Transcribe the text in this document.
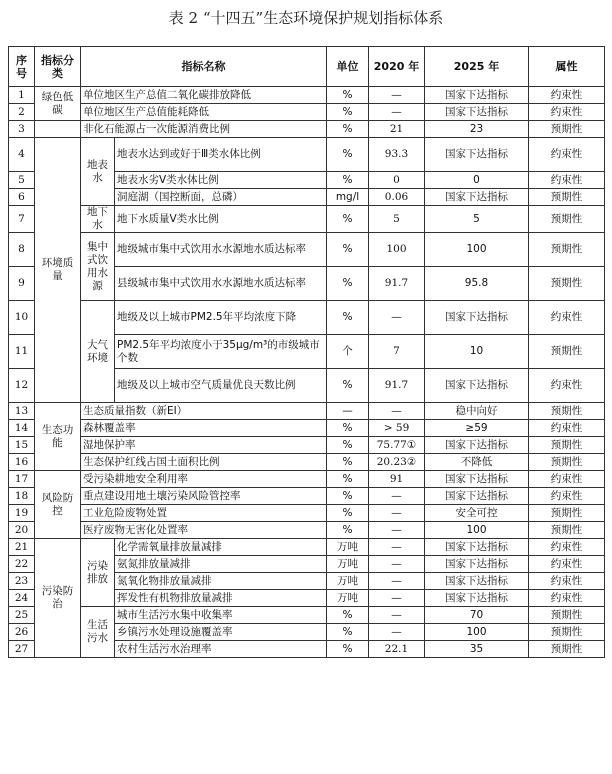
表 2 “十四五”生态环境保护规划指标体系
序号	指标分类	指标名称		单位	2020 年	2025 年	属性
1	绿色低碳	单位地区生产总值二氧化碳排放降低		%	—	国家下达指标	约束性
2		单位地区生产总值能耗降低		%	—	国家下达指标	约束性
3		非化石能源占一次能源消费比例		%	21	23	预期性
4	环境质量	地表水	地表水达到或好于Ⅲ类水体比例	%	93.3	国家下达指标	约束性
5			地表水劣Ⅴ类水体比例	%	0	0	约束性
6			洞庭湖（国控断面，总磷）	mg/l	0.06	国家下达指标	预期性
7		地下水	地下水质量Ⅴ类水比例	%	5	5	预期性
8		集中式饮用水源	地级城市集中式饮用水水源地水质达标率	%	100	100	预期性
9			县级城市集中式饮用水水源地水质达标率	%	91.7	95.8	预期性
10		大气环境	地级及以上城市PM2.5年平均浓度下降	%	—	国家下达指标	约束性
11			PM2.5年平均浓度小于35μg/m³的市级城市个数	个	7	10	预期性
12			地级及以上城市空气质量优良天数比例	%	91.7	国家下达指标	约束性
13	生态功能	生态质量指数（新EI）		—	—	稳中向好	预期性
14		森林覆盖率		%	> 59	≥59	约束性
15		湿地保护率		%	75.77①	国家下达指标	预期性
16		生态保护红线占国土面积比例		%	20.23②	不降低	预期性
17	风险防控	受污染耕地安全利用率		%	91	国家下达指标	约束性
18		重点建设用地土壤污染风险管控率		%	—	国家下达指标	约束性
19		工业危险废物处置		%	—	安全可控	预期性
20		医疗废物无害化处置率		%	—	100	预期性
21	污染防治	污染排放	化学需氧量排放量减排	万吨	—	国家下达指标	约束性
22			氨氮排放量减排	万吨	—	国家下达指标	约束性
23			氮氧化物排放量减排	万吨	—	国家下达指标	约束性
24			挥发性有机物排放量减排	万吨	—	国家下达指标	约束性
25		生活污水	城市生活污水集中收集率	%	—	70	预期性
26			乡镇污水处理设施覆盖率	%	—	100	预期性
27			农村生活污水治理率	%	22.1	35	预期性
